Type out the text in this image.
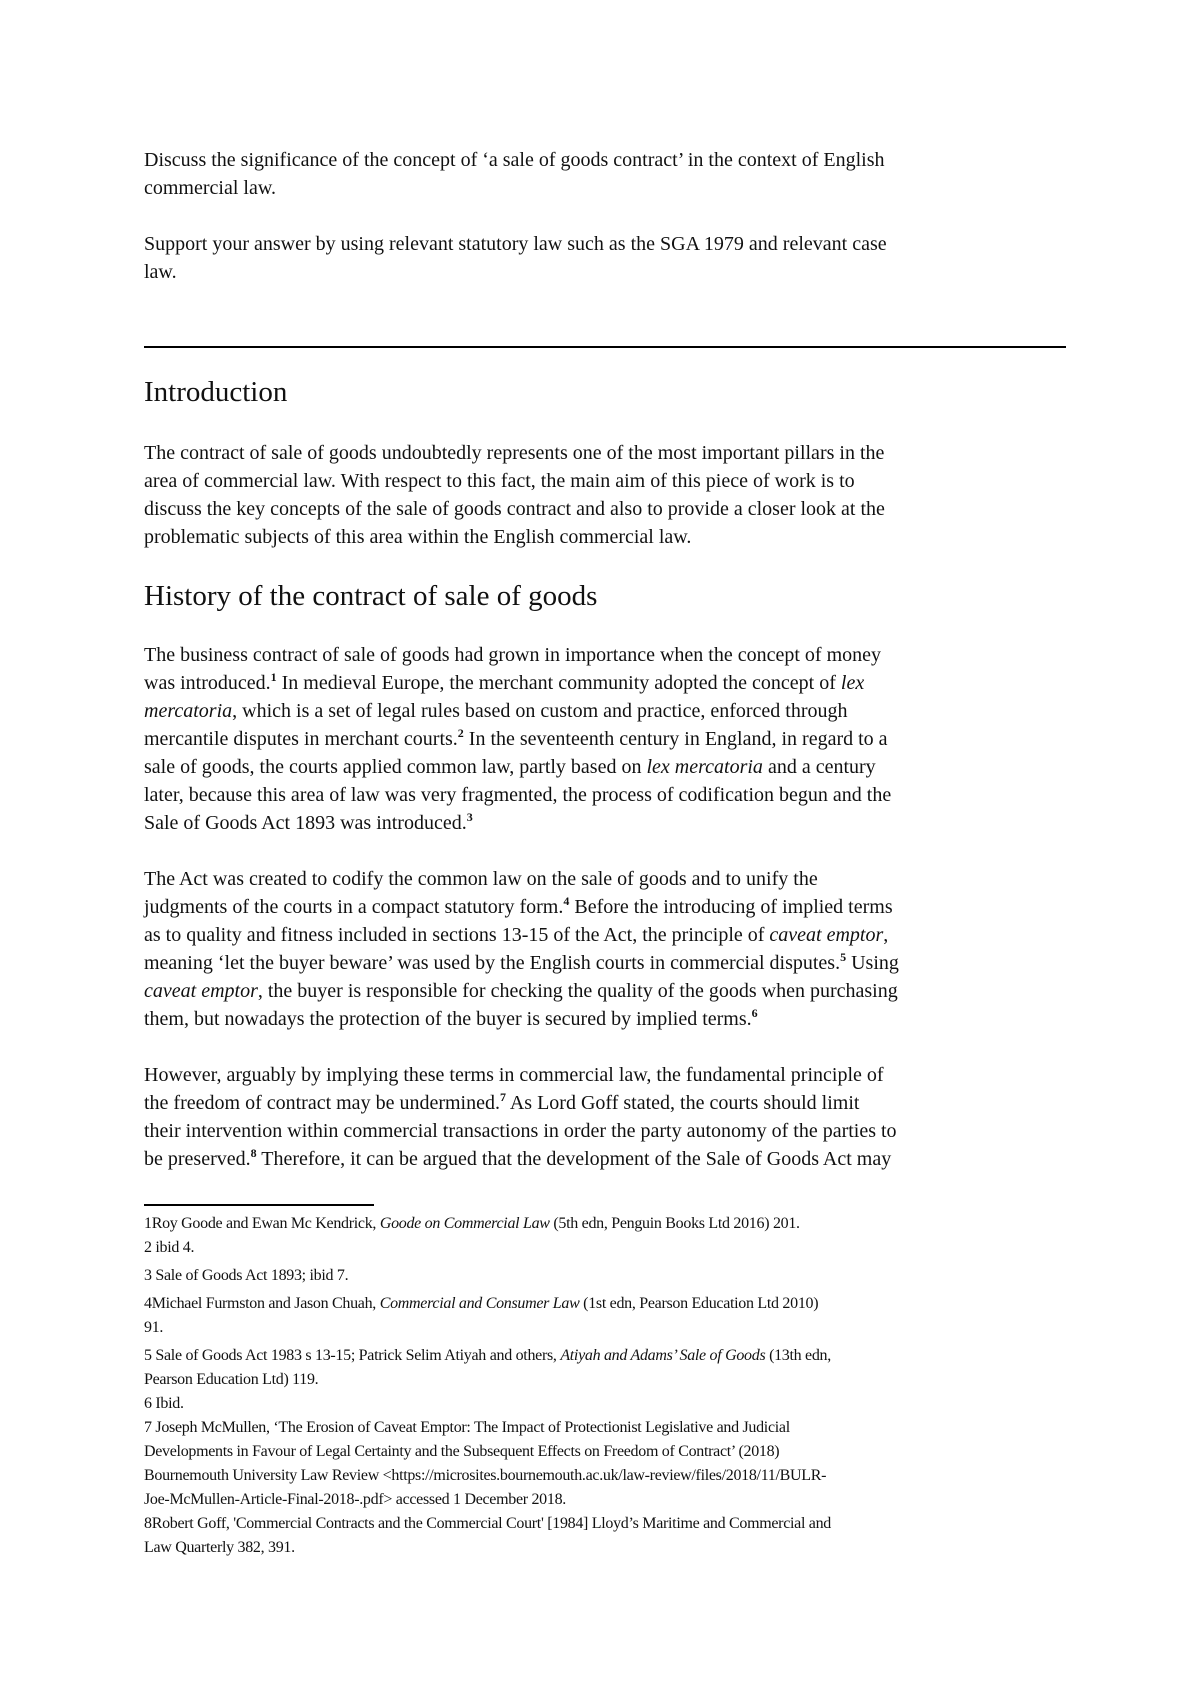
Discuss the significance of the concept of ‘a sale of goods contract’ in the context of English
commercial law.
Support your answer by using relevant statutory law such as the SGA 1979 and relevant case
law.
Introduction
The contract of sale of goods undoubtedly represents one of the most important pillars in the
area of commercial law. With respect to this fact, the main aim of this piece of work is to
discuss the key concepts of the sale of goods contract and also to provide a closer look at the
problematic subjects of this area within the English commercial law.
History of the contract of sale of goods
The business contract of sale of goods had grown in importance when the concept of money
was introduced.$^1$ In medieval Europe, the merchant community adopted the concept of lex
mercatoria, which is a set of legal rules based on custom and practice, enforced through
mercantile disputes in merchant courts.$^2$ In the seventeenth century in England, in regard to a
sale of goods, the courts applied common law, partly based on lex mercatoria and a century
later, because this area of law was very fragmented, the process of codification begun and the
Sale of Goods Act 1893 was introduced.$^3$
The Act was created to codify the common law on the sale of goods and to unify the
judgments of the courts in a compact statutory form.$^4$ Before the introducing of implied terms
as to quality and fitness included in sections 13-15 of the Act, the principle of caveat emptor,
meaning ‘let the buyer beware’ was used by the English courts in commercial disputes.$^5$ Using
caveat emptor, the buyer is responsible for checking the quality of the goods when purchasing
them, but nowadays the protection of the buyer is secured by implied terms.$^6$
However, arguably by implying these terms in commercial law, the fundamental principle of
the freedom of contract may be undermined.$^7$ As Lord Goff stated, the courts should limit
their intervention within commercial transactions in order the party autonomy of the parties to
be preserved.$^8$ Therefore, it can be argued that the development of the Sale of Goods Act may

1Roy Goode and Ewan Mc Kendrick, Goode on Commercial Law (5th edn, Penguin Books Ltd 2016) 201.

2 ibid 4.

3 Sale of Goods Act 1893; ibid 7.

4Michael Furmston and Jason Chuah, Commercial and Consumer Law (1st edn, Pearson Education Ltd 2010)
91.

5 Sale of Goods Act 1983 s 13-15; Patrick Selim Atiyah and others, Atiyah and Adams’ Sale of Goods (13th edn,
Pearson Education Ltd) 119.

6 Ibid.

7 Joseph McMullen, ‘The Erosion of Caveat Emptor: The Impact of Protectionist Legislative and Judicial
Developments in Favour of Legal Certainty and the Subsequent Effects on Freedom of Contract’ (2018)
Bournemouth University Law Review <https://microsites.bournemouth.ac.uk/law-review/files/2018/11/BULR-
Joe-McMullen-Article-Final-2018-.pdf> accessed 1 December 2018.

8Robert Goff, 'Commercial Contracts and the Commercial Court' [1984] Lloyd’s Maritime and Commercial and
Law Quarterly 382, 391.
